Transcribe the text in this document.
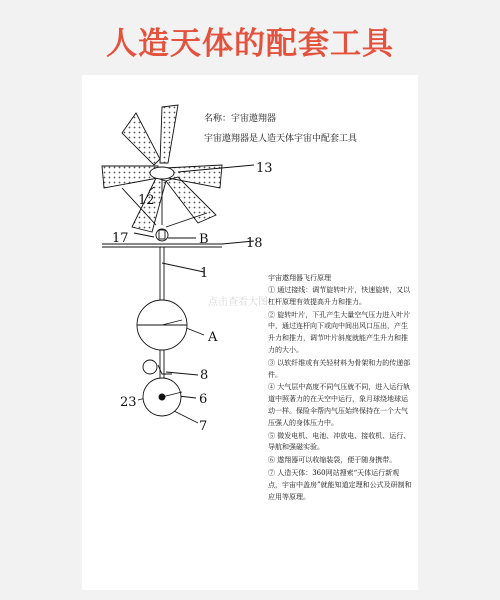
人造天体的配套工具
名称：宇宙遨翔器
宇宙遨翔器是人造天体宇宙中配套工具
13
12
17	B	18
1
A
8
23	6
7
宇宙遨翔器飞行原理
① 通过接线：调节旋转叶片，快速旋转，又以杠杆原理有效提高升力和推力。
② 旋转叶片，下孔产生大量空气压力进入叶片中，通过连杆向下或向中间出风口压出，产生升力和推力，调节叶片斜度就能产生升力和推力的大小。
③ 以软纤维或有关轻材料为骨架和力的传递部件。
④ 大气层中高度不同气压就不同，进入运行轨道中照著力的在天空中运行，象月球绕地球运动一样。保险伞帮内气压始终保持在一个大气压强人的身体压力中。
⑤ 微发电机、电池、冲放电、接收机、运行、导航和强磁实验。
⑥ 遨翔器可以收缩装袋，便于随身携带。
⑦ 人造天体：360网站搜索“天体运行新观点，宇宙中盖房”就能知道定理和公式及研制和应用等原理。
点击查看大图
